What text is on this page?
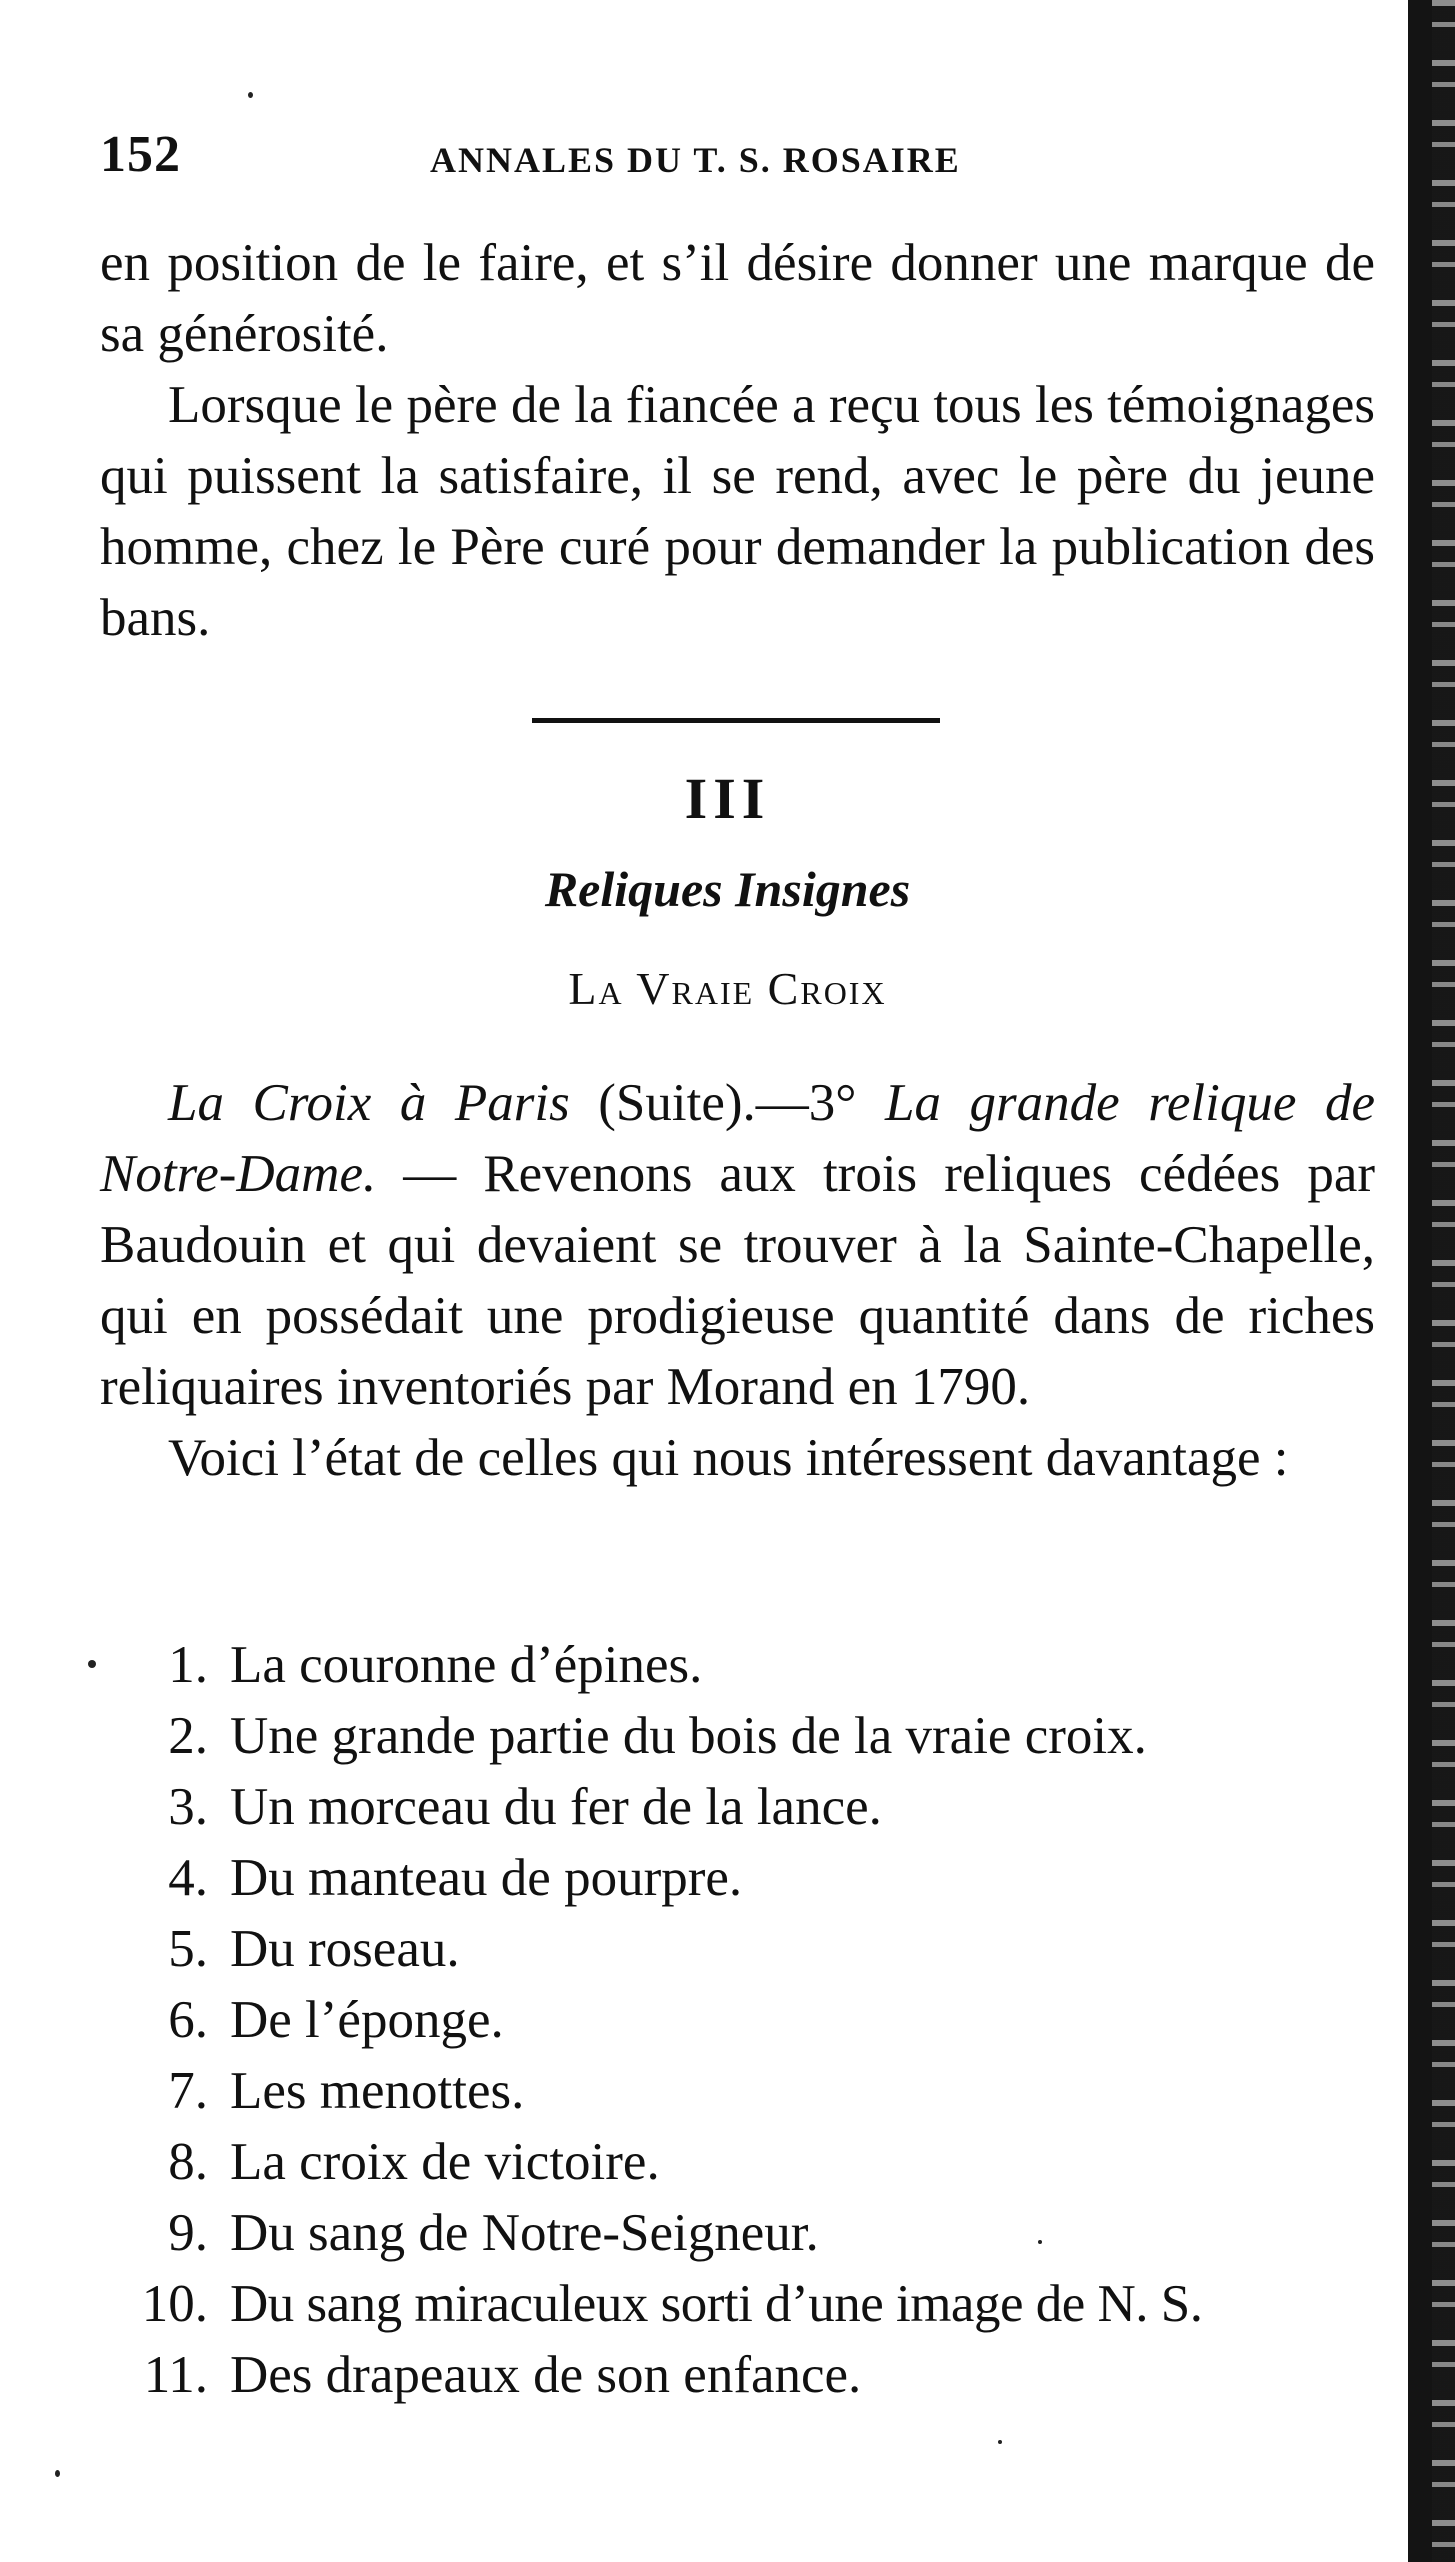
152	ANNALES DU T. S. ROSAIRE

en position de le faire, et s’il désire donner une marque de sa générosité.

Lorsque le père de la fiancée a reçu tous les témoignages qui puissent la satisfaire, il se rend, avec le père du jeune homme, chez le Père curé pour demander la publication des bans.

III
Reliques Insignes
La Vraie Croix

La Croix à Paris (Suite).—3° La grande relique de Notre-Dame. — Revenons aux trois reliques cédées par Baudouin et qui devaient se trouver à la Sainte-Chapelle, qui en possédait une prodigieuse quantité dans de riches reliquaires inventoriés par Morand en 1790.

Voici l’état de celles qui nous intéressent davantage :

1. La couronne d’épines.
2. Une grande partie du bois de la vraie croix.
3. Un morceau du fer de la lance.
4. Du manteau de pourpre.
5. Du roseau.
6. De l’éponge.
7. Les menottes.
8. La croix de victoire.
9. Du sang de Notre-Seigneur.
10. Du sang miraculeux sorti d’une image de N. S.
11. Des drapeaux de son enfance.
